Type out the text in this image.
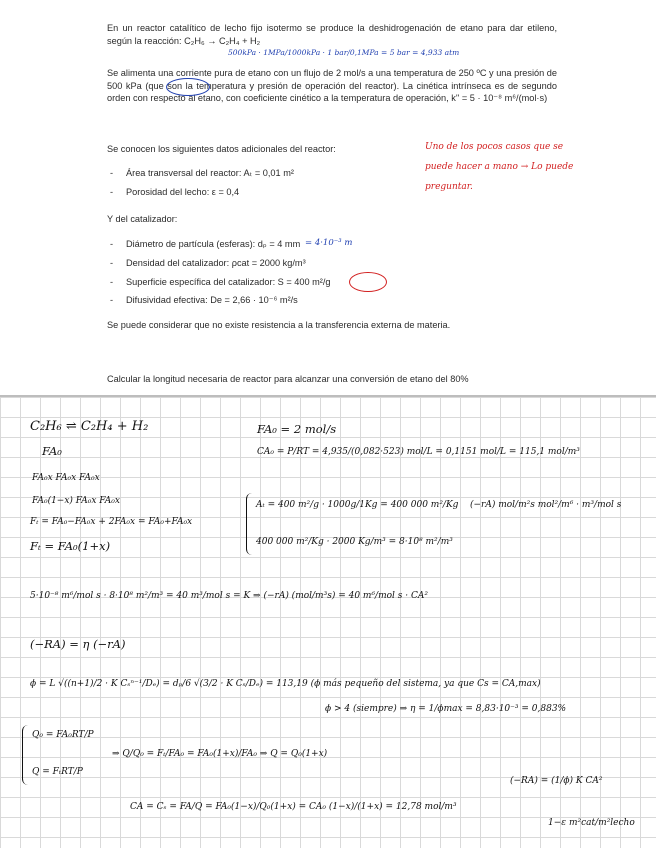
En un reactor catalítico de lecho fijo isotermo se produce la deshidrogenación de etano para dar etileno, según la reacción: C₂H₆ → C₂H₄ + H₂

500kPa · 1MPa/1000kPa · 1 bar/0,1MPa = 5 bar = 4,933 atm

Se alimenta una corriente pura de etano con un flujo de 2 mol/s a una temperatura de 250 ºC y una presión de 500 kPa (que son la temperatura y presión de operación del reactor). La cinética intrínseca es de segundo orden con respecto al etano, con coeficiente cinético a la temperatura de operación, k'' = 5 · 10⁻⁸ m⁶/(mol·s)

Se conocen los siguientes datos adicionales del reactor:

- Área transversal del reactor: Aₜ = 0,01 m²

- Porosidad del lecho: ε = 0,4

Uno de los pocos casos que se
puede hacer a mano → Lo puede
preguntar.

Y del catalizador:

- Diámetro de partícula (esferas): dₚ = 4 mm = 4·10⁻³ m

- Densidad del catalizador: ρcat = 2000 kg/m³

- Superficie específica del catalizador: S = 400 m²/g

- Difusividad efectiva: De = 2,66 · 10⁻⁶ m²/s

Se puede considerar que no existe resistencia a la transferencia externa de materia.

Calcular la longitud necesaria de reactor para alcanzar una conversión de etano del 80%

C₂H₆ ⇌ C₂H₄ + H₂
FA₀
FA₀x FA₀x FA₀x
FA₀(1−x) FA₀x FA₀x
Fₜ = FA₀−FA₀x + 2FA₀x = FA₀+FA₀x
Fₜ = FA₀(1+x)
FA₀ = 2 mol/s
CA₀ = P/RT = 4,935/(0,082·523) mol/L = 0,1151 mol/L = 115,1 mol/m³
Aₜ = 400 m²/g · 1000g/1Kg = 400 000 m²/Kg
400 000 m²/Kg · 2000 Kg/m³ = 8·10⁸ m²/m³
(−rA) mol/m²s mol²/m⁶ · m³/mol s
5·10⁻⁸ m⁶/mol s · 8·10⁸ m²/m³ = 40 m³/mol s = K ⇒ (−rA) (mol/m³s) = 40 m⁶/mol s · CA²
(−RA) = η (−rA)
ϕ = L √((n+1)/2 · K Cₛⁿ⁻¹/Dₑ) = dₚ/6 √(3/2 · K Cₛ/Dₑ) = 113,19 (ϕ más pequeño del sistema, ya que Cs = CA,max)
ϕ > 4 (siempre) ⇒ η = 1/ϕmax = 8,83·10⁻³ = 0,883%
Q₀ = FA₀RT/P
Q = FₜRT/P
⇒ Q/Q₀ = Fₜ/FA₀ = FA₀(1+x)/FA₀ ⇒ Q = Q₀(1+x)
CA = Cₛ = FA/Q = FA₀(1−x)/Q₀(1+x) = CA₀ (1−x)/(1+x) = 12,78 mol/m³
(−RA) = (1/ϕ) K CA²
1−ε m²cat/m²lecho
